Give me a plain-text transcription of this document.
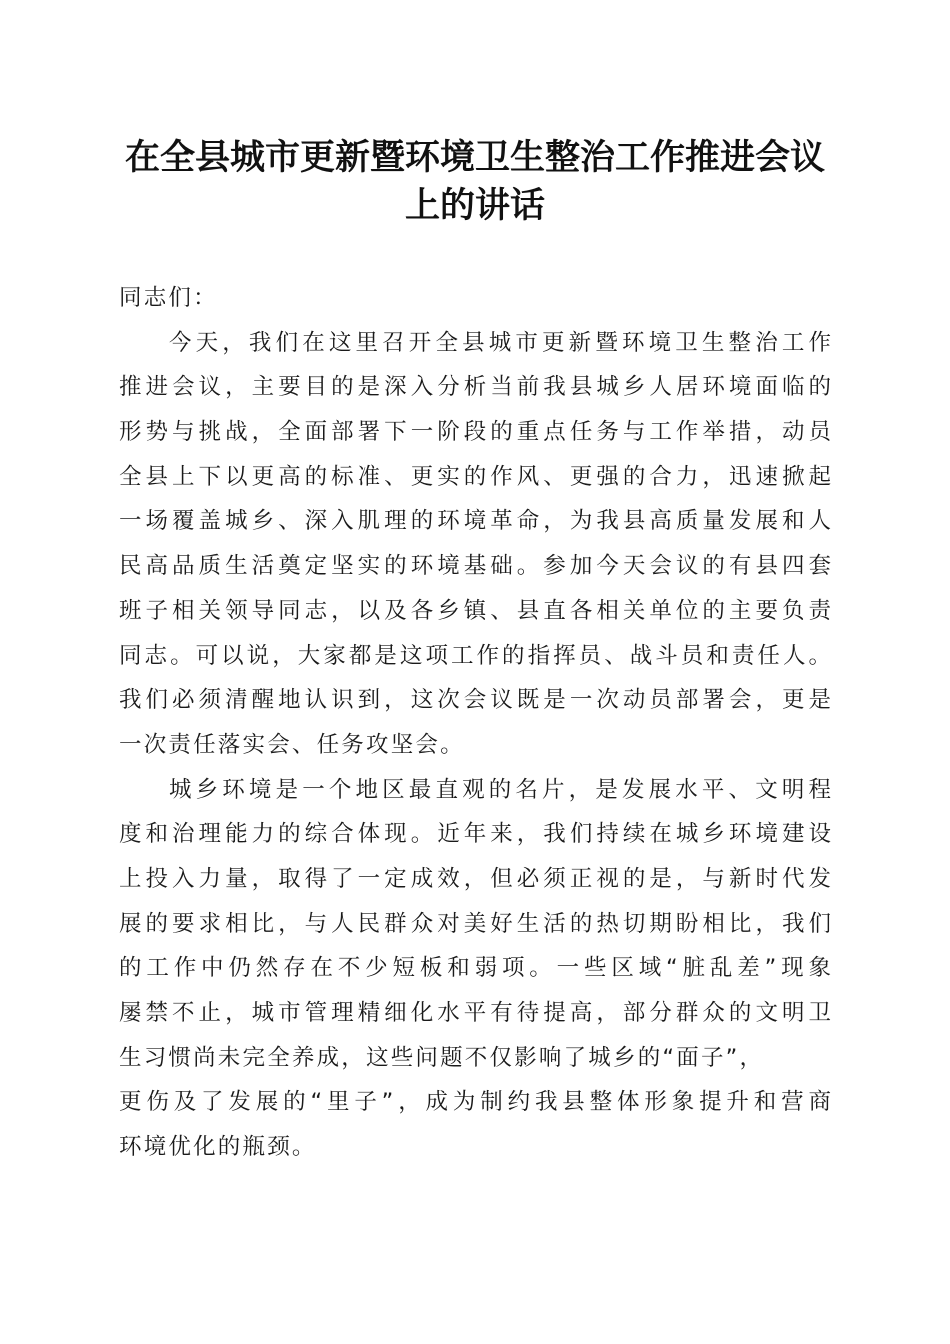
在全县城市更新暨环境卫生整治工作推进会议
上的讲话
同志们：
今天，我们在这里召开全县城市更新暨环境卫生整治工作
推进会议，主要目的是深入分析当前我县城乡人居环境面临的
形势与挑战，全面部署下一阶段的重点任务与工作举措，动员
全县上下以更高的标准、更实的作风、更强的合力，迅速掀起
一场覆盖城乡、深入肌理的环境革命，为我县高质量发展和人
民高品质生活奠定坚实的环境基础。参加今天会议的有县四套
班子相关领导同志，以及各乡镇、县直各相关单位的主要负责
同志。可以说，大家都是这项工作的指挥员、战斗员和责任人。
我们必须清醒地认识到，这次会议既是一次动员部署会，更是
一次责任落实会、任务攻坚会。
城乡环境是一个地区最直观的名片，是发展水平、文明程
度和治理能力的综合体现。近年来，我们持续在城乡环境建设
上投入力量，取得了一定成效，但必须正视的是，与新时代发
展的要求相比，与人民群众对美好生活的热切期盼相比，我们
的工作中仍然存在不少短板和弱项。一些区域“脏乱差”现象
屡禁不止，城市管理精细化水平有待提高，部分群众的文明卫
生习惯尚未完全养成，这些问题不仅影响了城乡的“面子”，
更伤及了发展的“里子”，成为制约我县整体形象提升和营商
环境优化的瓶颈。
